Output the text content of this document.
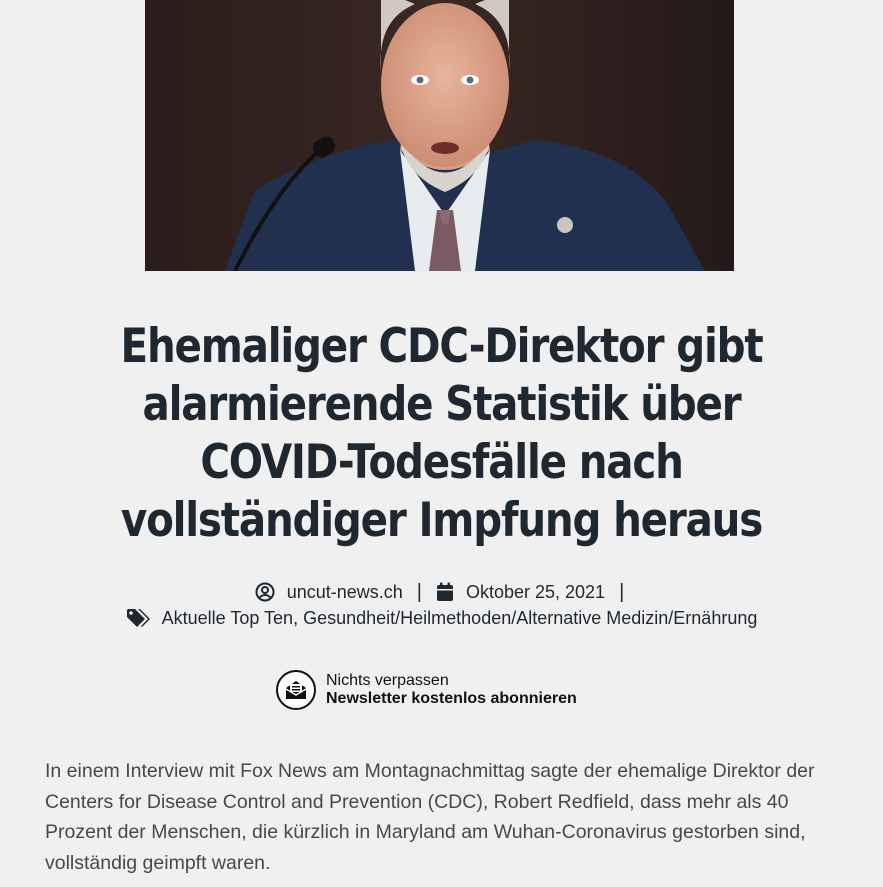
Ehemaliger CDC-Direktor gibt alarmierende Statistik über COVID-Todesfälle nach vollständiger Impfung heraus
uncut-news.ch | Oktober 25, 2021 |
Aktuelle Top Ten, Gesundheit/Heilmethoden/Alternative Medizin/Ernährung
Nichts verpassen
Newsletter kostenlos abonnieren

In einem Interview mit Fox News am Montagnachmittag sagte der ehemalige Direktor der Centers for Disease Control and Prevention (CDC), Robert Redfield, dass mehr als 40 Prozent der Menschen, die kürzlich in Maryland am Wuhan-Coronavirus gestorben sind, vollständig geimpft waren.
